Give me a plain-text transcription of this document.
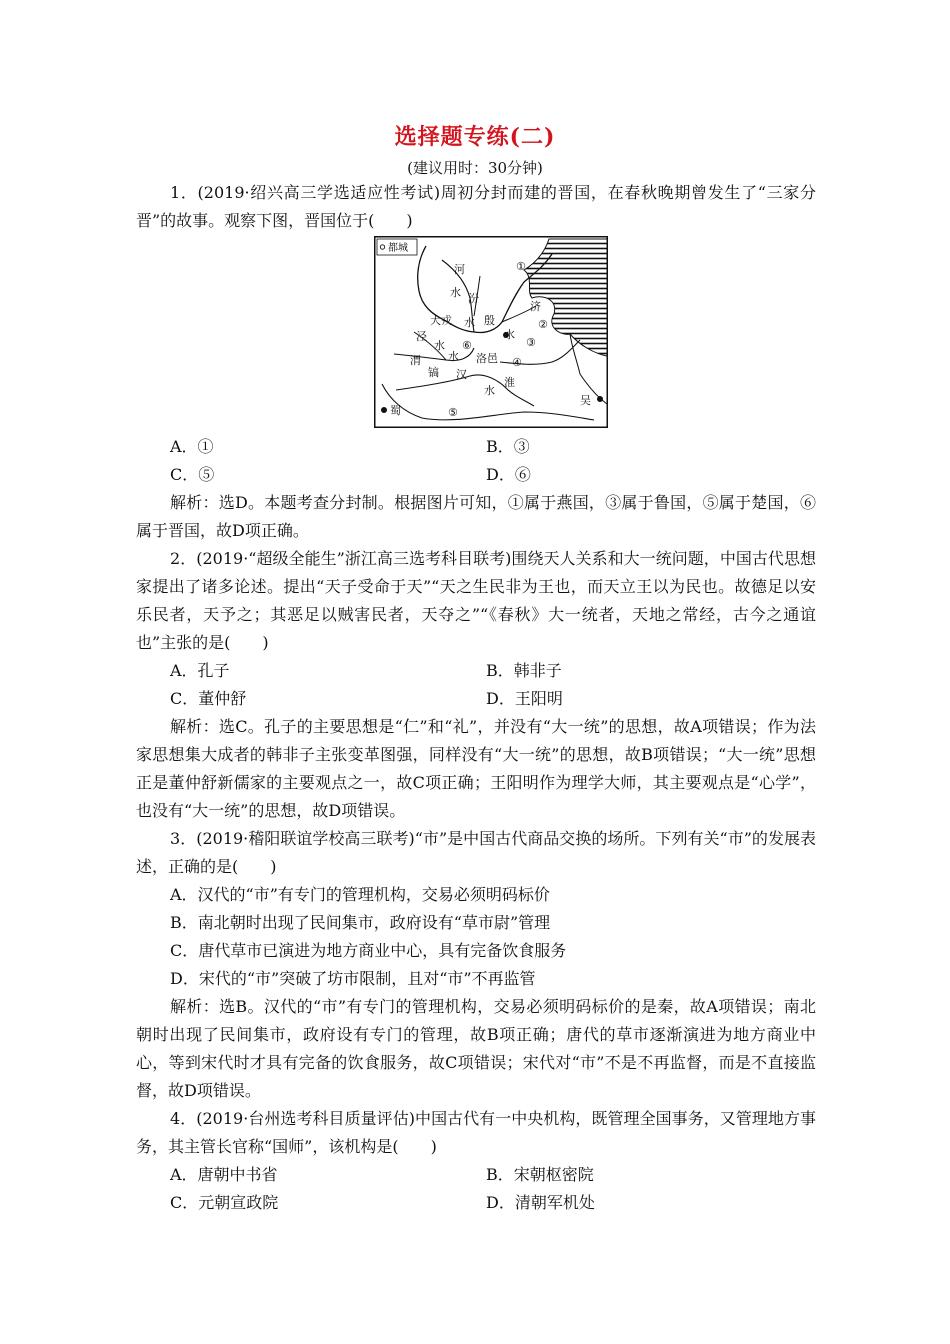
选择题专练(二)
(建议用时：30分钟)
1．(2019·绍兴高三学选适应性考试)周初分封而建的晋国，在春秋晚期曾发生了“三家分晋”的故事。观察下图，晋国位于(　　)
都城
河
水 汾
水
犬戎
泾
水 ⑥
渭 水 洛邑
镐 汉
水
淮
殷
济
水
①
②
③
④
⑤
蜀
吴
A．①	B．③
C．⑤	D．⑥
解析：选D。本题考查分封制。根据图片可知，①属于燕国，③属于鲁国，⑤属于楚国，⑥属于晋国，故D项正确。
2．(2019·“超级全能生”浙江高三选考科目联考)围绕天人关系和大一统问题，中国古代思想家提出了诸多论述。提出“天子受命于天”“天之生民非为王也，而天立王以为民也。故德足以安乐民者，天予之；其恶足以贼害民者，天夺之”“《春秋》大一统者，天地之常经，古今之通谊也”主张的是(　　)
A．孔子	B．韩非子
C．董仲舒	D．王阳明
解析：选C。孔子的主要思想是“仁”和“礼”，并没有“大一统”的思想，故A项错误；作为法家思想集大成者的韩非子主张变革图强，同样没有“大一统”的思想，故B项错误；“大一统”思想正是董仲舒新儒家的主要观点之一，故C项正确；王阳明作为理学大师，其主要观点是“心学”，也没有“大一统”的思想，故D项错误。
3．(2019·稽阳联谊学校高三联考)“市”是中国古代商品交换的场所。下列有关“市”的发展表述，正确的是(　　)
A．汉代的“市”有专门的管理机构，交易必须明码标价
B．南北朝时出现了民间集市，政府设有“草市尉”管理
C．唐代草市已演进为地方商业中心，具有完备饮食服务
D．宋代的“市”突破了坊市限制，且对“市”不再监管
解析：选B。汉代的“市”有专门的管理机构，交易必须明码标价的是秦，故A项错误；南北朝时出现了民间集市，政府设有专门的管理，故B项正确；唐代的草市逐渐演进为地方商业中心，等到宋代时才具有完备的饮食服务，故C项错误；宋代对“市”不是不再监督，而是不直接监督，故D项错误。
4．(2019·台州选考科目质量评估)中国古代有一中央机构，既管理全国事务，又管理地方事务，其主管长官称“国师”，该机构是(　　)
A．唐朝中书省	B．宋朝枢密院
C．元朝宣政院	D．清朝军机处
